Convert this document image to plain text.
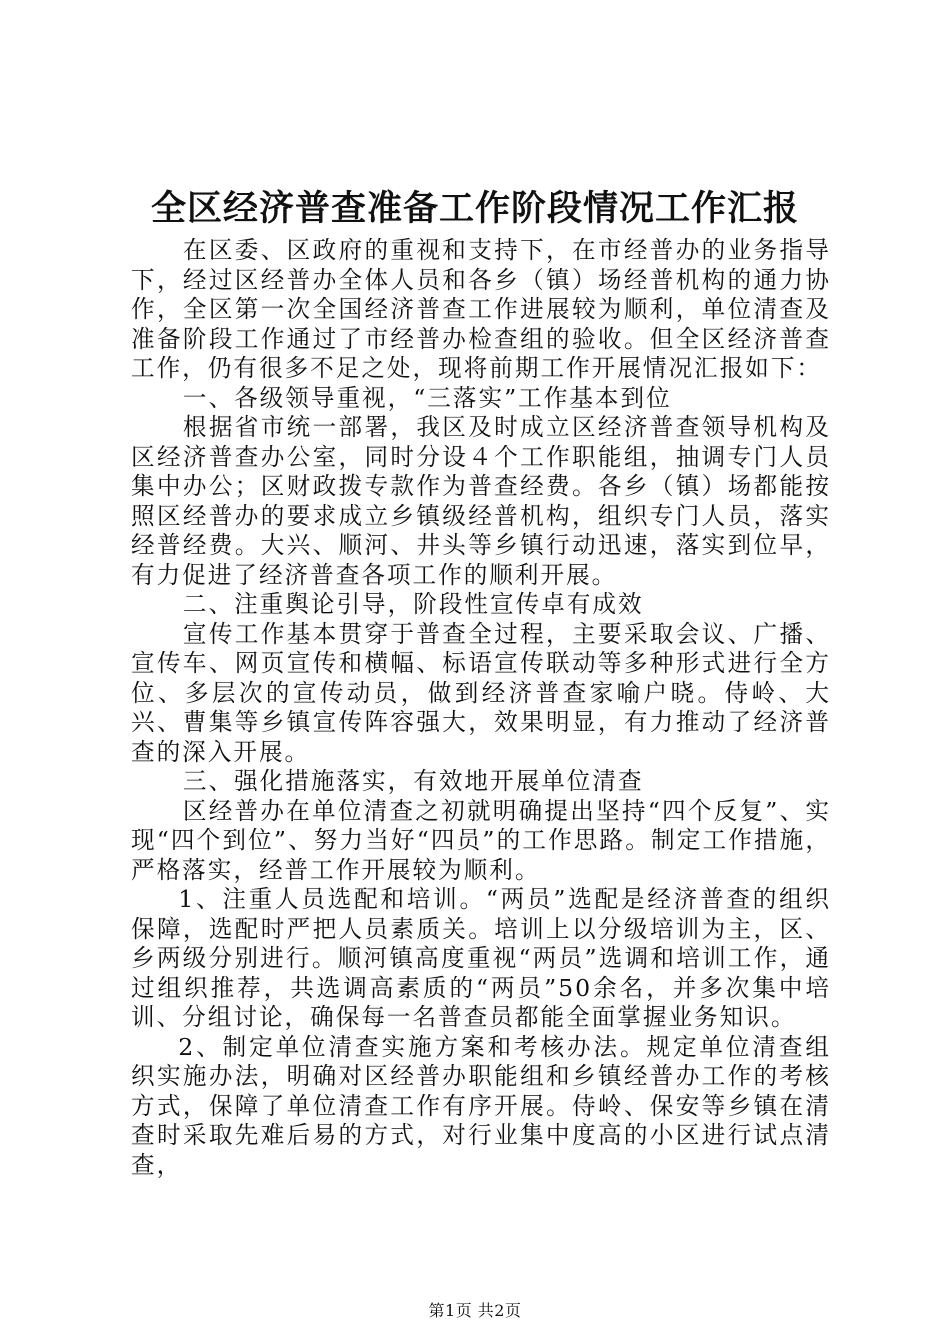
全区经济普查准备工作阶段情况工作汇报

在区委、区政府的重视和支持下，在市经普办的业务指导下，经过区经普办全体人员和各乡（镇）场经普机构的通力协作，全区第一次全国经济普查工作进展较为顺利，单位清查及准备阶段工作通过了市经普办检查组的验收。但全区经济普查工作，仍有很多不足之处，现将前期工作开展情况汇报如下：

一、各级领导重视，“三落实”工作基本到位

根据省市统一部署，我区及时成立区经济普查领导机构及区经济普查办公室，同时分设４个工作职能组，抽调专门人员集中办公；区财政拨专款作为普查经费。各乡（镇）场都能按照区经普办的要求成立乡镇级经普机构，组织专门人员，落实经普经费。大兴、顺河、井头等乡镇行动迅速，落实到位早，有力促进了经济普查各项工作的顺利开展。

二、注重舆论引导，阶段性宣传卓有成效

宣传工作基本贯穿于普查全过程，主要采取会议、广播、宣传车、网页宣传和横幅、标语宣传联动等多种形式进行全方位、多层次的宣传动员，做到经济普查家喻户晓。侍岭、大兴、曹集等乡镇宣传阵容强大，效果明显，有力推动了经济普查的深入开展。

三、强化措施落实，有效地开展单位清查

区经普办在单位清查之初就明确提出坚持“四个反复”、实现“四个到位”、努力当好“四员”的工作思路。制定工作措施，严格落实，经普工作开展较为顺利。

1、注重人员选配和培训。“两员”选配是经济普查的组织保障，选配时严把人员素质关。培训上以分级培训为主，区、乡两级分别进行。顺河镇高度重视“两员”选调和培训工作，通过组织推荐，共选调高素质的“两员”50余名，并多次集中培训、分组讨论，确保每一名普查员都能全面掌握业务知识。

2、制定单位清查实施方案和考核办法。规定单位清查组织实施办法，明确对区经普办职能组和乡镇经普办工作的考核方式，保障了单位清查工作有序开展。侍岭、保安等乡镇在清查时采取先难后易的方式，对行业集中度高的小区进行试点清查，

第1页 共2页
